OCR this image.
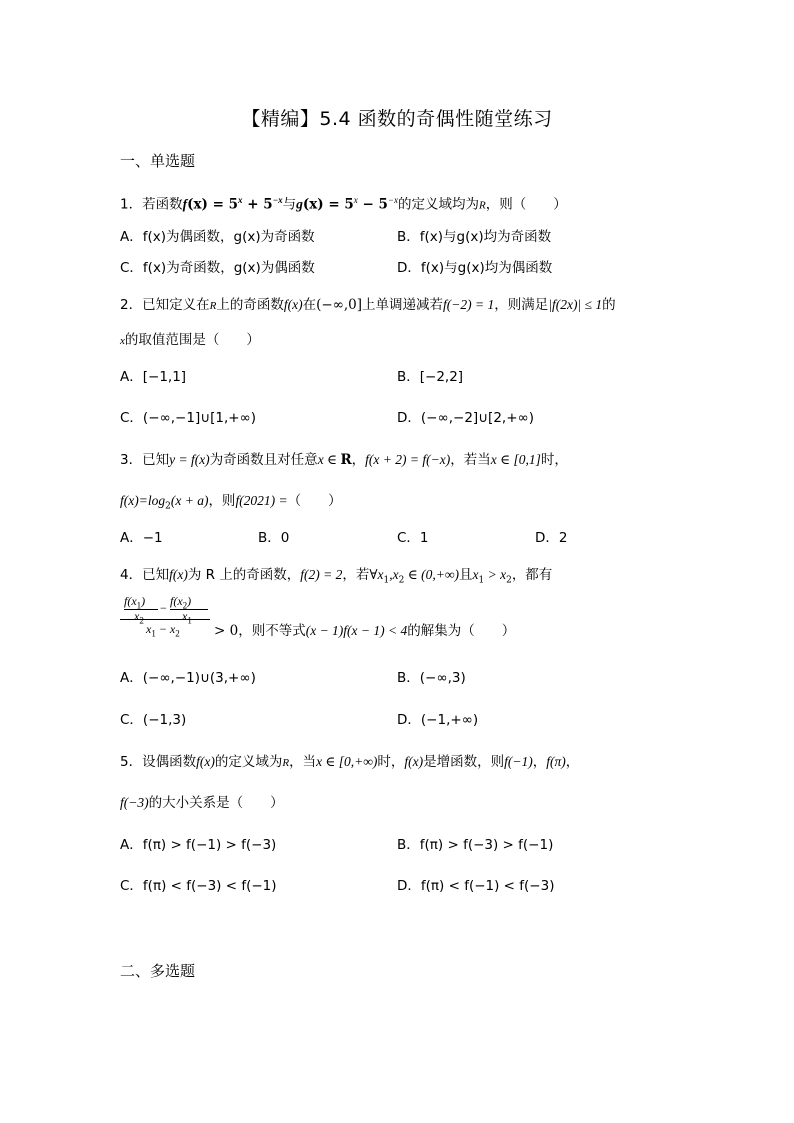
【精编】5.4 函数的奇偶性随堂练习
一、单选题
1．若函数$f(x) = 5^x + 5^{-x}$与$g(x) = 5^x - 5^{-x}$的定义域均为R，则（　　）
A．f(x)为偶函数，g(x)为奇函数	B．f(x)与g(x)均为奇函数
C．f(x)为奇函数，g(x)为偶函数	D．f(x)与g(x)均为偶函数
2．已知定义在R上的奇函数f(x)在(−∞,0]上单调递减若f(−2) = 1，则满足|f(2x)| ≤ 1的
x的取值范围是（　　）
A．[−1,1]	B．[−2,2]
C．(−∞,−1]∪[1,+∞)	D．(−∞,−2]∪[2,+∞)
3．已知y = f(x)为奇函数且对任意x ∈ R，f(x + 2) = f(−x)，若当x ∈ [0,1]时，
$f(x)=\log_2(x + a)$，则f(2021) =（　　）
A．−1	B．0	C．1	D．2
4．已知f(x)为 R 上的奇函数，f(2) = 2，若$\forall x_1,x_2$ ∈ (0,+∞)且$x_1 > x_2$，都有
$f(x_1)$
$x_2$
− $f(x_2)$
$x_1$
$x_1 - x_2$	> 0，则不等式(x − 1)f(x − 1) < 4的解集为（　　）
A．(−∞,−1)∪(3,+∞)	B．(−∞,3)
C．(−1,3)	D．(−1,+∞)
5．设偶函数f(x)的定义域为R，当x ∈ [0,+∞)时，f(x)是增函数，则f(−1)，f(π)，
f(−3)的大小关系是（　　）
A．f(π) > f(−1) > f(−3)	B．f(π) > f(−3) > f(−1)
C．f(π) < f(−3) < f(−1)	D．f(π) < f(−1) < f(−3)
二、多选题
